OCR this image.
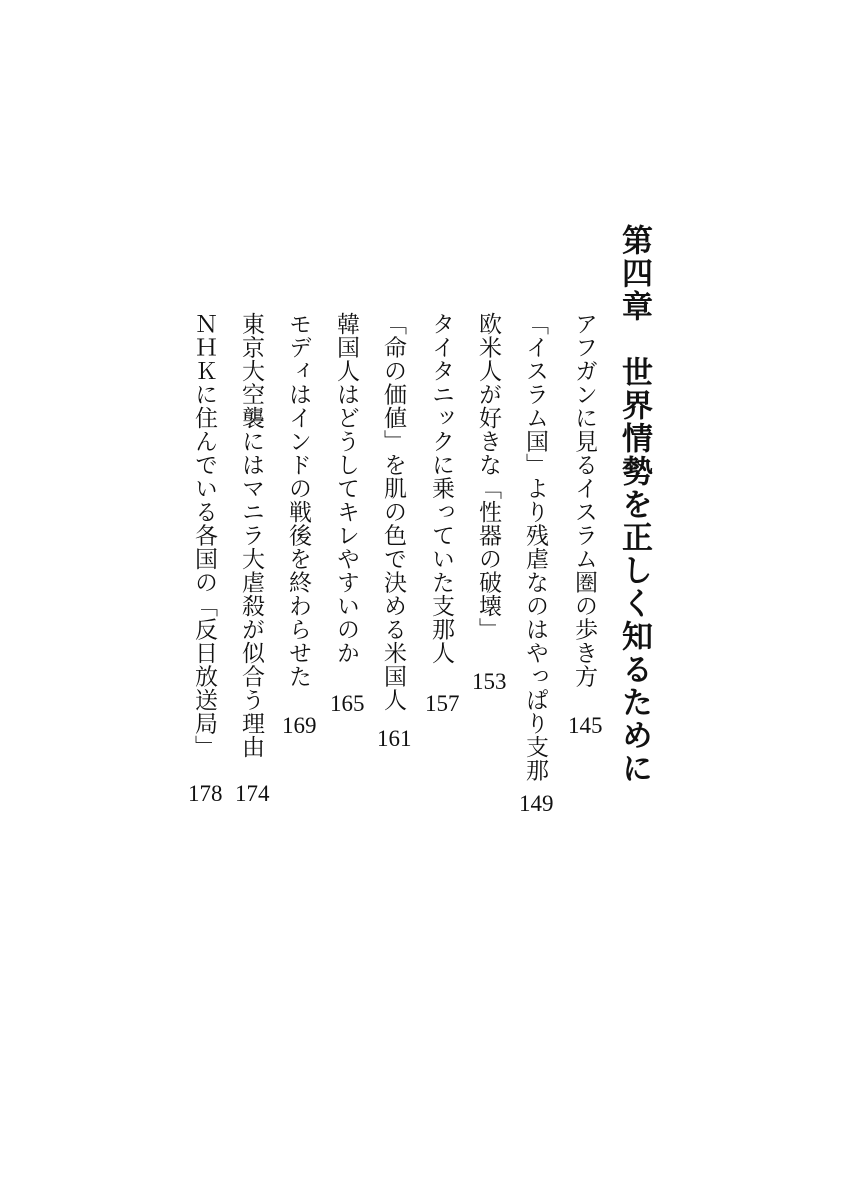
第四章　世界情勢を正しく知るために
アフガンに見るイスラム圏の歩き方
145
「イスラム国」より残虐なのはやっぱり支那
149
欧米人が好きな「性器の破壊」
153
タイタニックに乗っていた支那人
157
「命の価値」を肌の色で決める米国人
161
韓国人はどうしてキレやすいのか
165
モディはインドの戦後を終わらせた
169
東京大空襲にはマニラ大虐殺が似合う理由
174
ＮＨＫに住んでいる各国の「反日放送局」
178
